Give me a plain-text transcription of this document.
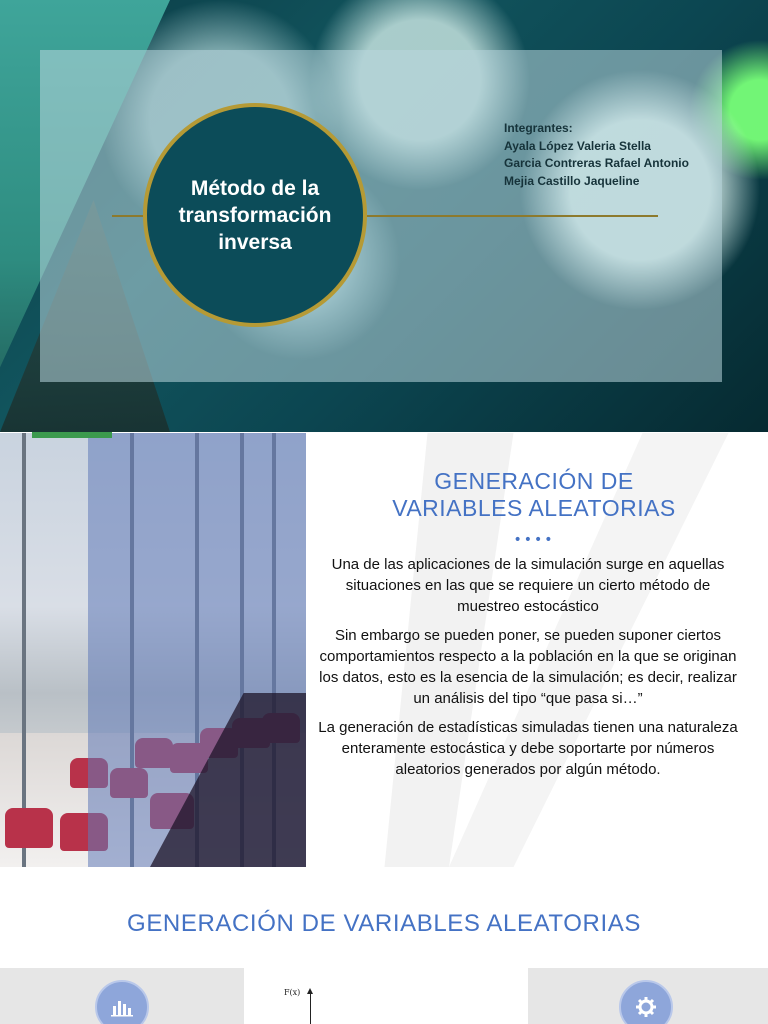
Método de la transformación inversa
Integrantes:
Ayala López Valeria Stella
Garcia Contreras Rafael Antonio
Mejia Castillo Jaqueline
GENERACIÓN DE
VARIABLES ALEATORIAS
••••

Una de las aplicaciones de la simulación surge en aquellas situaciones en las que se requiere un cierto método de muestreo estocástico

Sin embargo se pueden poner, se pueden suponer ciertos comportamientos respecto a la población en la que se originan los datos, esto es la esencia de la simulación; es decir, realizar un análisis del tipo “que pasa si…”

La generación de estadísticas simuladas tienen una naturaleza enteramente estocástica y debe soportarte por números aleatorios generados por algún método.

GENERACIÓN DE VARIABLES ALEATORIAS
F(x)
